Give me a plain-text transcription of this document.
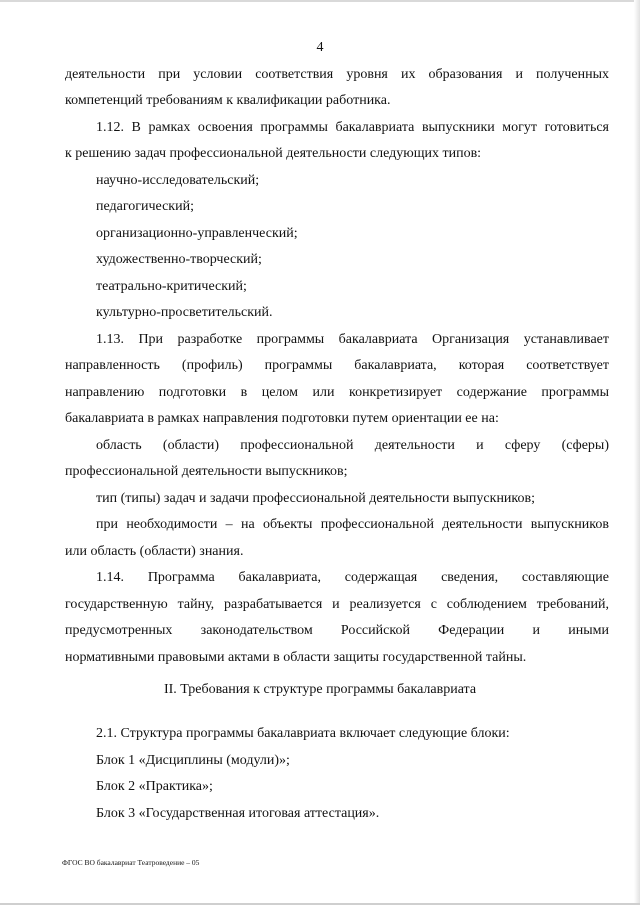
4
деятельности при условии соответствия уровня их образования и полученных
компетенций требованиям к квалификации работника.
1.12. В рамках освоения программы бакалавриата выпускники могут готовиться
к решению задач профессиональной деятельности следующих типов:
научно-исследовательский;
педагогический;
организационно-управленческий;
художественно-творческий;
театрально-критический;
культурно-просветительский.
1.13. При разработке программы бакалавриата Организация устанавливает
направленность (профиль) программы бакалавриата, которая соответствует
направлению подготовки в целом или конкретизирует содержание программы
бакалавриата в рамках направления подготовки путем ориентации ее на:
область (области) профессиональной деятельности и сферу (сферы)
профессиональной деятельности выпускников;
тип (типы) задач и задачи профессиональной деятельности выпускников;
при необходимости – на объекты профессиональной деятельности выпускников
или область (области) знания.
1.14. Программа бакалавриата, содержащая сведения, составляющие
государственную тайну, разрабатывается и реализуется с соблюдением требований,
предусмотренных законодательством Российской Федерации и иными
нормативными правовыми актами в области защиты государственной тайны.
2.1. Структура программы бакалавриата включает следующие блоки:
Блок 1 «Дисциплины (модули)»;
Блок 2 «Практика»;
Блок 3 «Государственная итоговая аттестация».
II. Требования к структуре программы бакалавриата
ФГОС ВО бакалавриат Театроведение – 05
